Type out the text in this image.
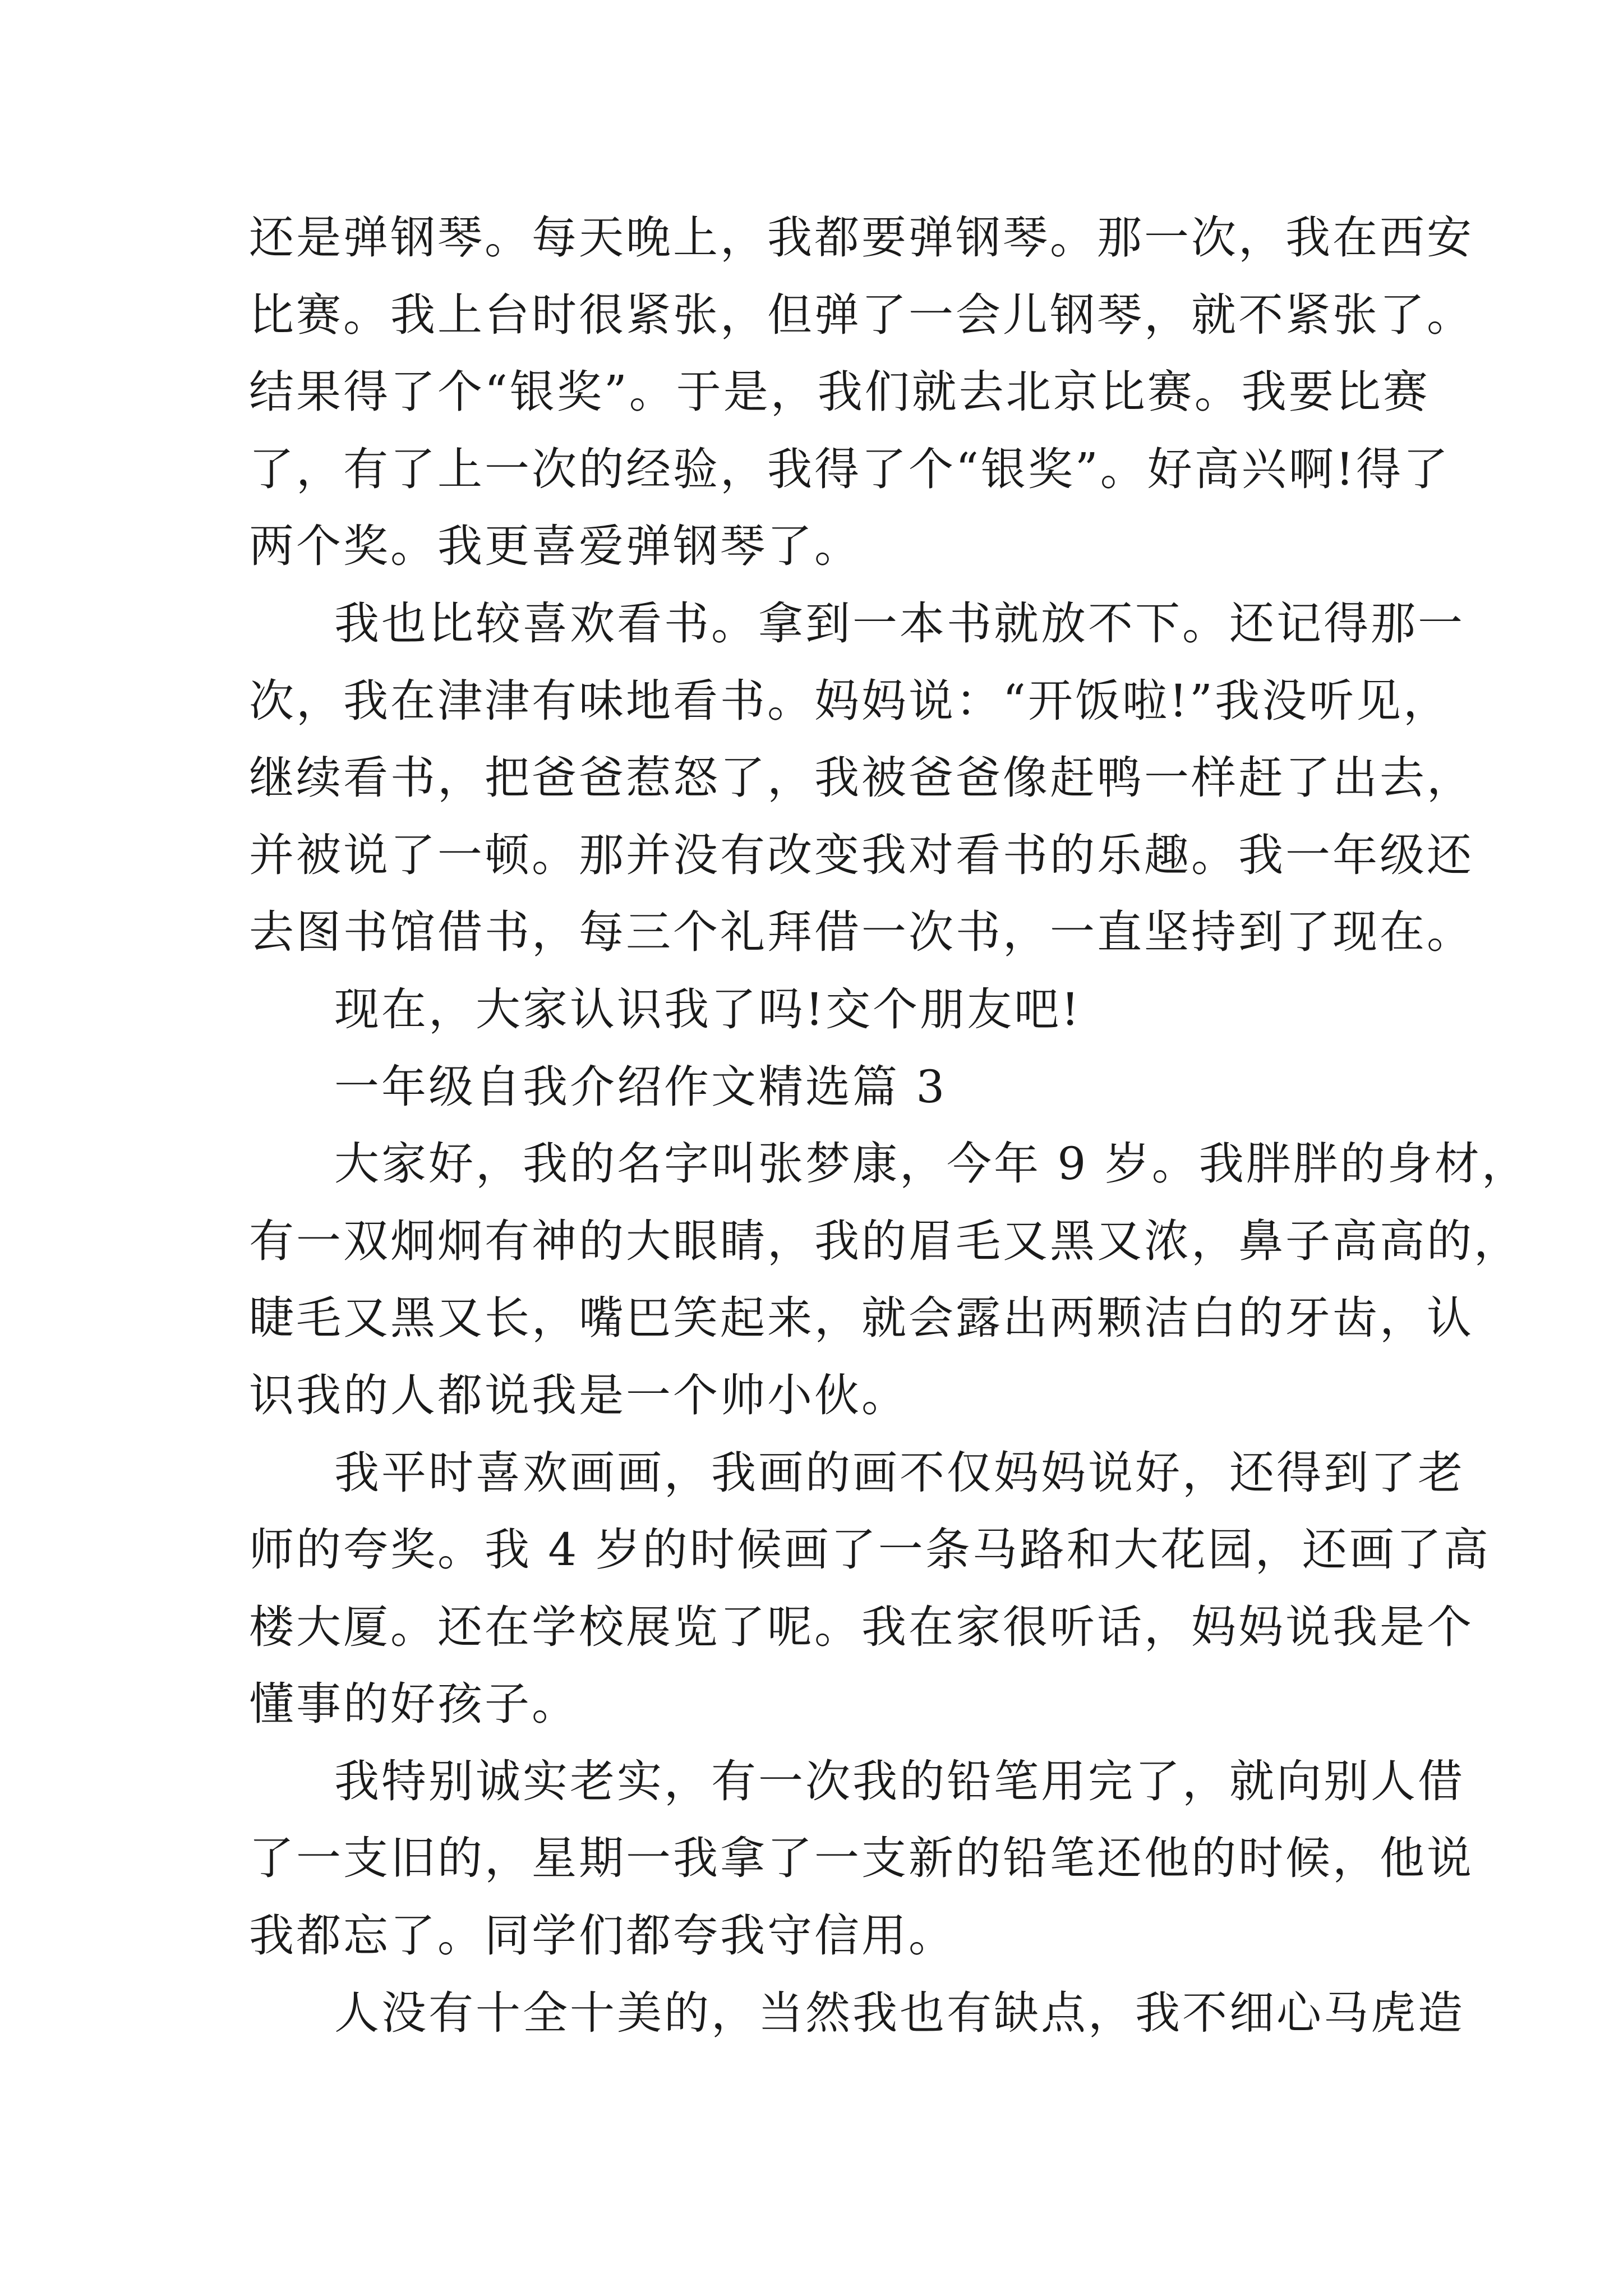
还是弹钢琴。每天晚上，我都要弹钢琴。那一次，我在西安
比赛。我上台时很紧张，但弹了一会儿钢琴，就不紧张了。
结果得了个“银奖”。于是，我们就去北京比赛。我要比赛
了，有了上一次的经验，我得了个“银奖”。好高兴啊!得了
两个奖。我更喜爱弹钢琴了。
我也比较喜欢看书。拿到一本书就放不下。还记得那一
次，我在津津有味地看书。妈妈说：“开饭啦!”我没听见，
继续看书，把爸爸惹怒了，我被爸爸像赶鸭一样赶了出去，
并被说了一顿。那并没有改变我对看书的乐趣。我一年级还
去图书馆借书，每三个礼拜借一次书，一直坚持到了现在。
现在，大家认识我了吗!交个朋友吧!
一年级自我介绍作文精选篇 3
大家好，我的名字叫张梦康，今年 9 岁。我胖胖的身材，
有一双炯炯有神的大眼睛，我的眉毛又黑又浓，鼻子高高的，
睫毛又黑又长，嘴巴笑起来，就会露出两颗洁白的牙齿，认
识我的人都说我是一个帅小伙。
我平时喜欢画画，我画的画不仅妈妈说好，还得到了老
师的夸奖。我 4 岁的时候画了一条马路和大花园，还画了高
楼大厦。还在学校展览了呢。我在家很听话，妈妈说我是个
懂事的好孩子。
我特别诚实老实，有一次我的铅笔用完了，就向别人借
了一支旧的，星期一我拿了一支新的铅笔还他的时候，他说
我都忘了。同学们都夸我守信用。
人没有十全十美的，当然我也有缺点，我不细心马虎造
